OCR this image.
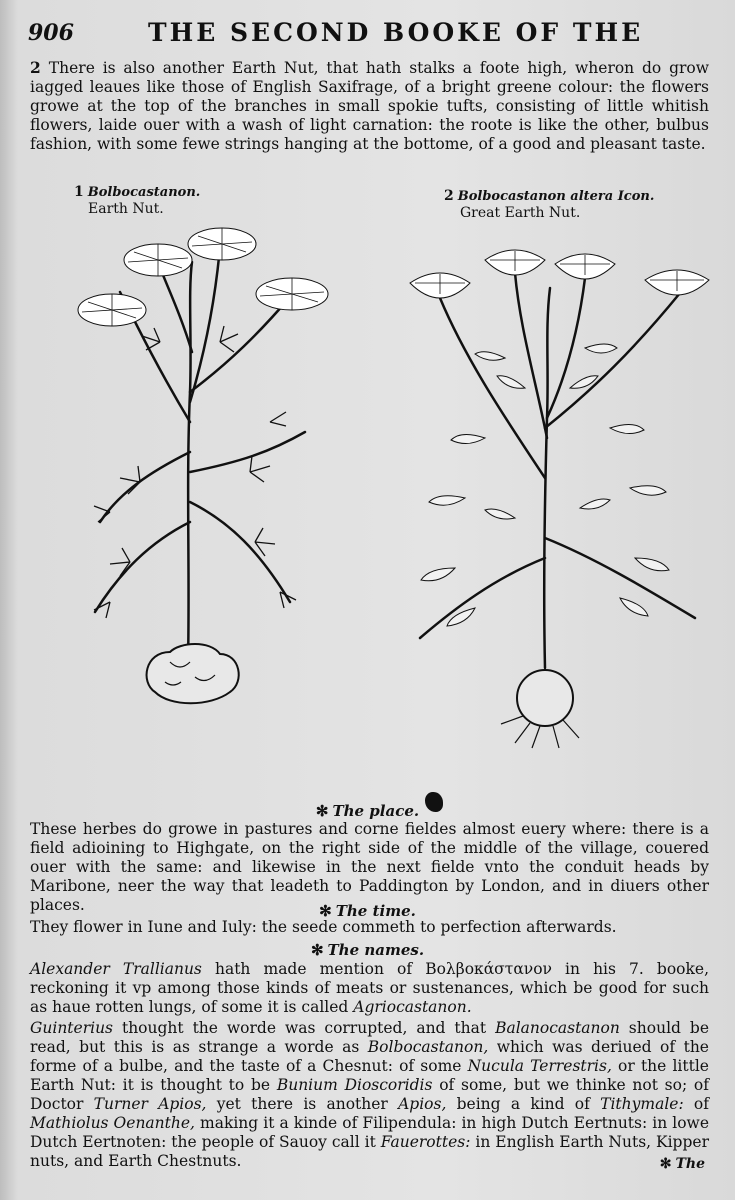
906	THE SECOND BOOKE OF THE
2 There is also another Earth Nut, that hath stalks a foote high, wheron do grow iagged leaues like those of English Saxifrage, of a bright greene colour: the flowers growe at the top of the branches in small spokie tufts, consisting of little whitish flowers, laide ouer with a wash of light carnation: the roote is like the other, bulbus fashion, with some fewe strings hanging at the bottome, of a good and pleasant taste.
1 Bolbocastanon.
Earth Nut.
2 Bolbocastanon altera Icon.
Great Earth Nut.
✻ The place.
These herbes do growe in pastures and corne fieldes almost euery where: there is a field adioining to Highgate, on the right side of the middle of the village, couered ouer with the same: and likewise in the next fielde vnto the conduit heads by Maribone, neer the way that leadeth to Paddington by London, and in diuers other places.	✻ The time.
They flower in Iune and Iuly: the seede commeth to perfection afterwards.
✻ The names.

Alexander Trallianus hath made mention of Βολβοκάστανον in his 7. booke, reckoning it vp among those kinds of meats or sustenances, which be good for such as haue rotten lungs, of some it is called Agriocastanon.

Guinterius thought the worde was corrupted, and that Balanocastanon should be read, but this is as strange a worde as Bolbocastanon, which was deriued of the forme of a bulbe, and the taste of a Chesnut: of some Nucula Terrestris, or the little Earth Nut: it is thought to be Bunium Dioscoridis of some, but we thinke not so; of Doctor Turner Apios, yet there is another Apios, being a kind of Tithymale: of Mathiolus Oenanthe, making it a kinde of Filipendula: in high Dutch Eertnuts: in lowe Dutch Eertnoten: the people of Sauoy call it Fauerottes: in English Earth Nuts, Kipper nuts, and Earth Chestnuts.	✻ The
